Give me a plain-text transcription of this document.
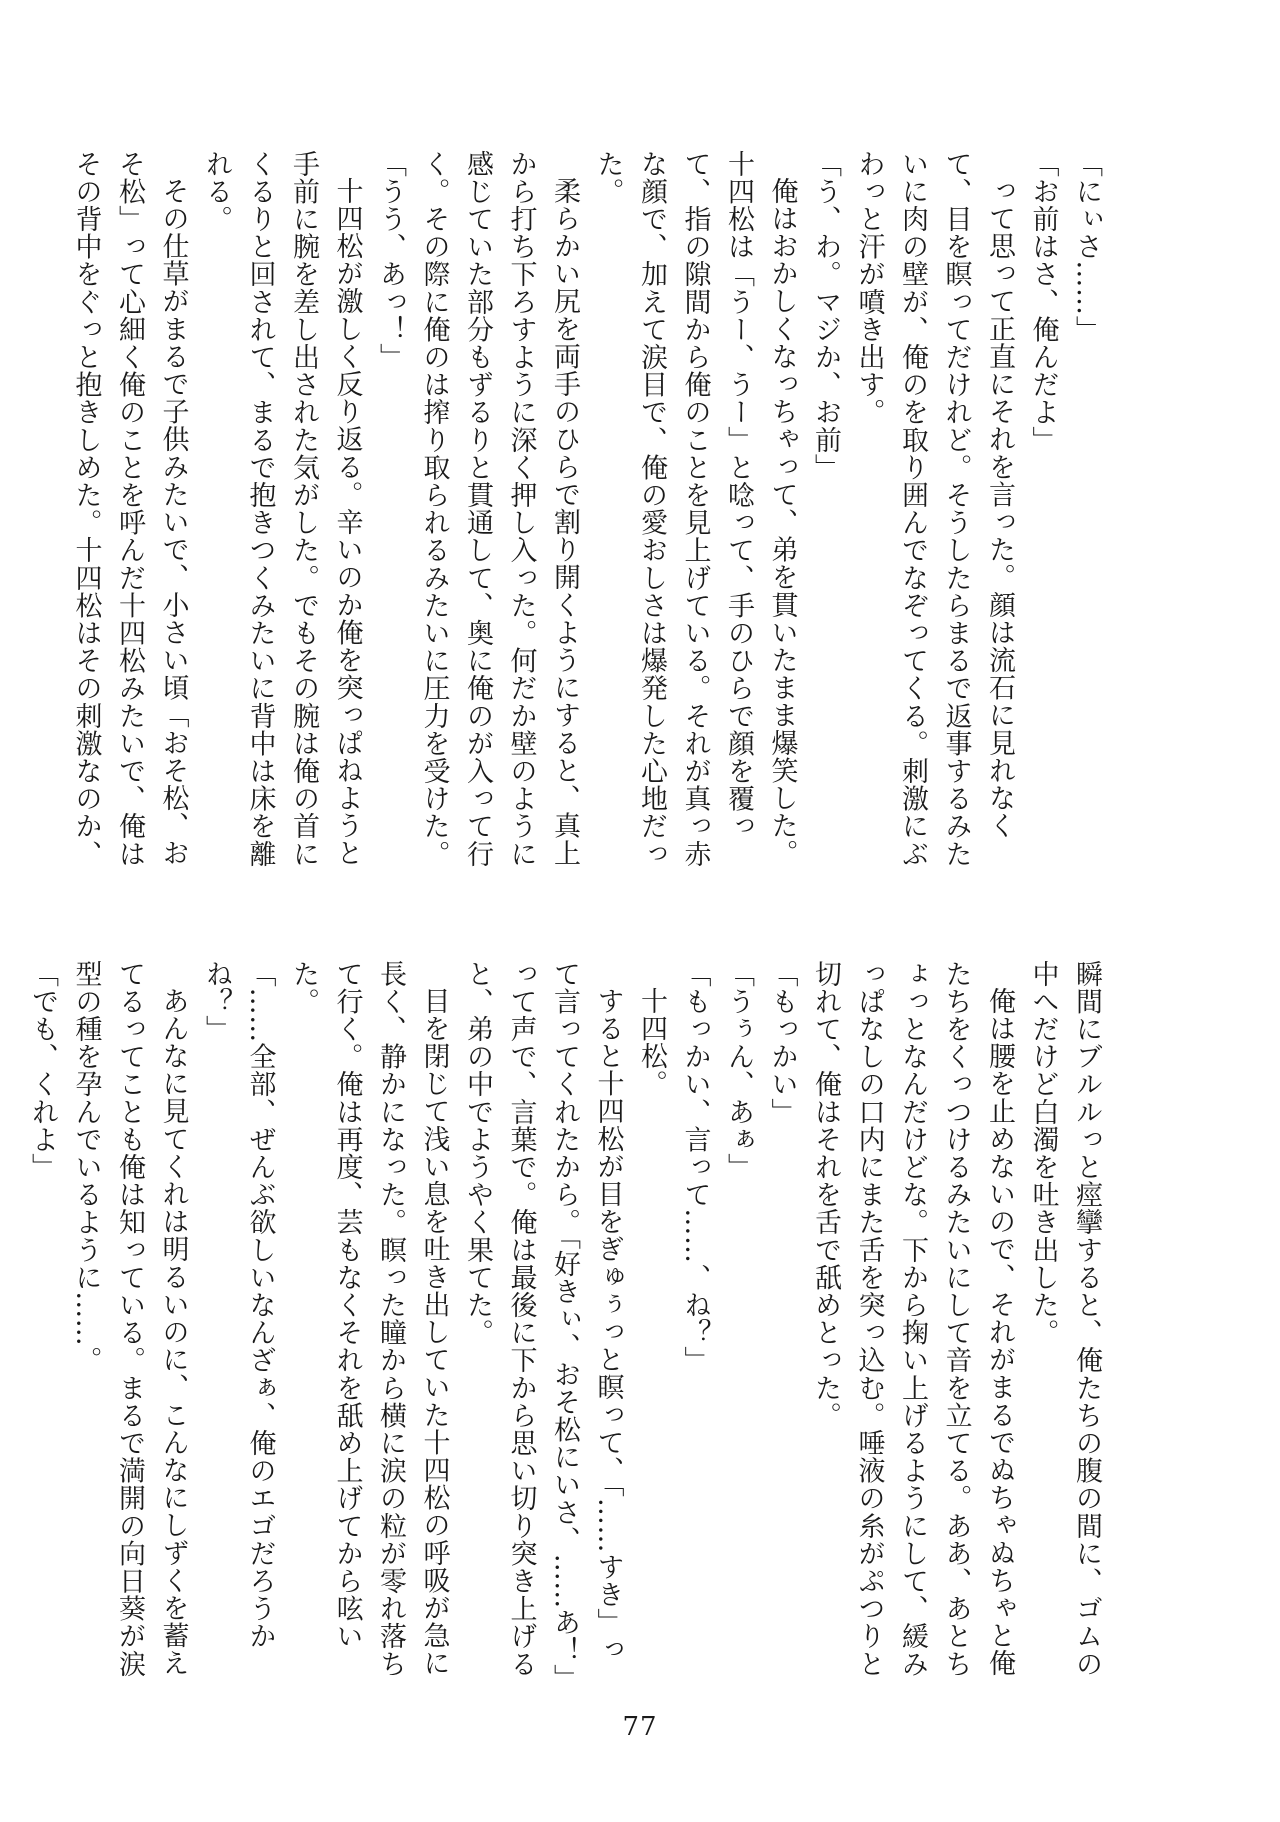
「にぃさ……」

「お前はさ、俺んだよ」

って思って正直にそれを言った。顔は流石に見れなくて、目を瞑ってだけれど。そうしたらまるで返事するみたいに肉の壁が、俺のを取り囲んでなぞってくる。刺激にぶわっと汗が噴き出す。

「う、わ。マジか、お前」

俺はおかしくなっちゃって、弟を貫いたまま爆笑した。十四松は「うー、うー」と唸って、手のひらで顔を覆って、指の隙間から俺のことを見上げている。それが真っ赤な顔で、加えて涙目で、俺の愛おしさは爆発した心地だった。

柔らかい尻を両手のひらで割り開くようにすると、真上から打ち下ろすように深く押し入った。何だか壁のように感じていた部分もずるりと貫通して、奥に俺のが入って行く。その際に俺のは搾り取られるみたいに圧力を受けた。

「うう、あっ！」

十四松が激しく反り返る。辛いのか俺を突っぱねようと手前に腕を差し出された気がした。でもその腕は俺の首にくるりと回されて、まるで抱きつくみたいに背中は床を離れる。

その仕草がまるで子供みたいで、小さい頃「おそ松、おそ松」って心細く俺のことを呼んだ十四松みたいで、俺はその背中をぐっと抱きしめた。十四松はその刺激なのか、

瞬間にブルルっと痙攣すると、俺たちの腹の間に、ゴムの中へだけど白濁を吐き出した。

俺は腰を止めないので、それがまるでぬちゃぬちゃと俺たちをくっつけるみたいにして音を立てる。ああ、あとちょっとなんだけどな。下から掬い上げるようにして、緩みっぱなしの口内にまた舌を突っ込む。唾液の糸がぷつりと切れて、俺はそれを舌で舐めとった。

「もっかい」

「うぅん、あぁ」

「もっかい、言って……、ね？」

十四松。

すると十四松が目をぎゅぅっと瞑って、「……すき」って言ってくれたから。「好きぃ、おそ松にいさ、……あ！」って声で、言葉で。俺は最後に下から思い切り突き上げると、弟の中でようやく果てた。

目を閉じて浅い息を吐き出していた十四松の呼吸が急に長く、静かになった。瞑った瞳から横に涙の粒が零れ落ちて行く。俺は再度、芸もなくそれを舐め上げてから呟いた。

「……全部、ぜんぶ欲しいなんざぁ、俺のエゴだろうかね？」

あんなに見てくれは明るいのに、こんなにしずくを蓄えてるってことも俺は知っている。まるで満開の向日葵が涙型の種を孕んでいるように……。

「でも、くれよ」

77
